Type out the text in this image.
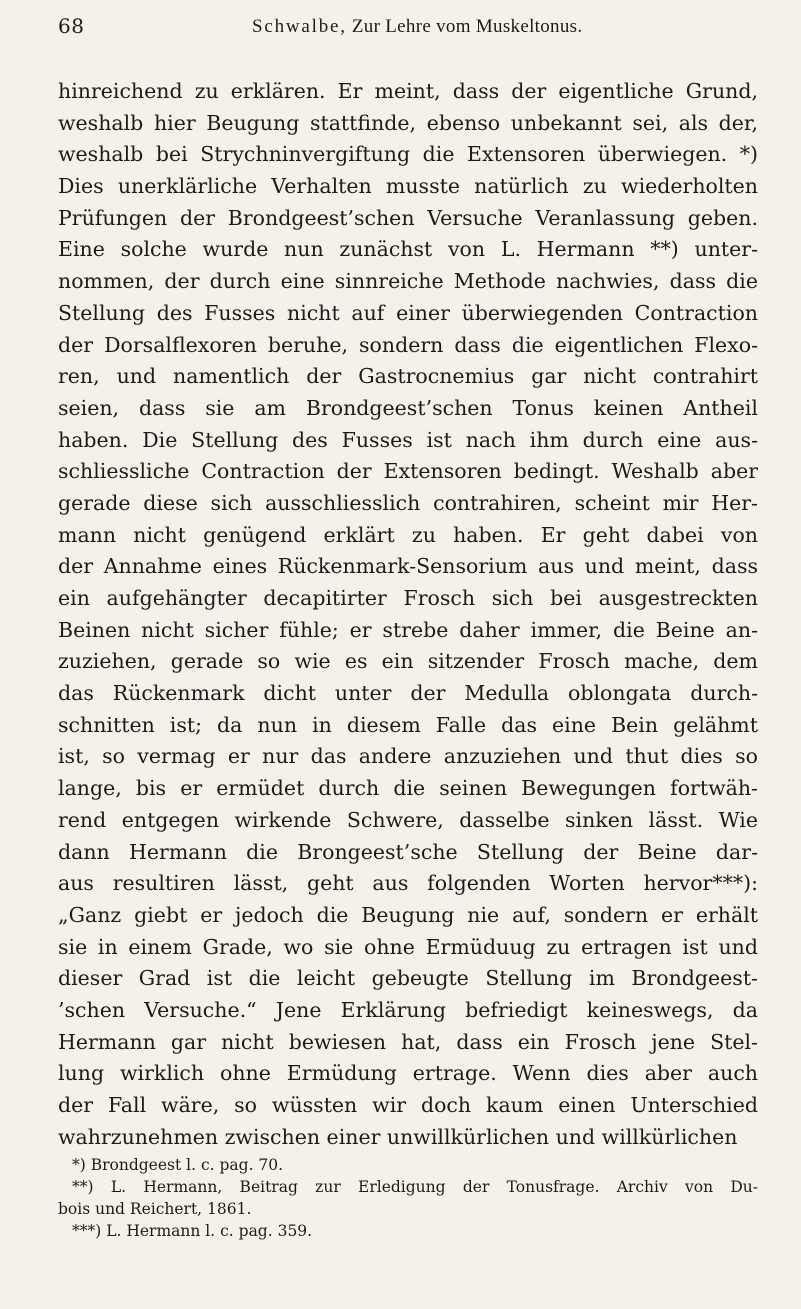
68	Schwalbe, Zur Lehre vom Muskeltonus.
hinreichend zu erklären. Er meint, dass der eigentliche Grund,
weshalb hier Beugung stattfinde, ebenso unbekannt sei, als der,
weshalb bei Strychninvergiftung die Extensoren überwiegen. *)
Dies unerklärliche Verhalten musste natürlich zu wiederholten
Prüfungen der Brondgeest’schen Versuche Veranlassung geben.
Eine solche wurde nun zunächst von L. Hermann **) unter-
nommen, der durch eine sinnreiche Methode nachwies, dass die
Stellung des Fusses nicht auf einer überwiegenden Contraction
der Dorsalflexoren beruhe, sondern dass die eigentlichen Flexo-
ren, und namentlich der Gastrocnemius gar nicht contrahirt
seien, dass sie am Brondgeest’schen Tonus keinen Antheil
haben. Die Stellung des Fusses ist nach ihm durch eine aus-
schliessliche Contraction der Extensoren bedingt. Weshalb aber
gerade diese sich ausschliesslich contrahiren, scheint mir Her-
mann nicht genügend erklärt zu haben. Er geht dabei von
der Annahme eines Rückenmark-Sensorium aus und meint, dass
ein aufgehängter decapitirter Frosch sich bei ausgestreckten
Beinen nicht sicher fühle; er strebe daher immer, die Beine an-
zuziehen, gerade so wie es ein sitzender Frosch mache, dem
das Rückenmark dicht unter der Medulla oblongata durch-
schnitten ist; da nun in diesem Falle das eine Bein gelähmt
ist, so vermag er nur das andere anzuziehen und thut dies so
lange, bis er ermüdet durch die seinen Bewegungen fortwäh-
rend entgegen wirkende Schwere, dasselbe sinken lässt. Wie
dann Hermann die Brongeest’sche Stellung der Beine dar-
aus resultiren lässt, geht aus folgenden Worten hervor***):
„Ganz giebt er jedoch die Beugung nie auf, sondern er erhält
sie in einem Grade, wo sie ohne Ermüduug zu ertragen ist und
dieser Grad ist die leicht gebeugte Stellung im Brondgeest-
’schen Versuche.“ Jene Erklärung befriedigt keineswegs, da
Hermann gar nicht bewiesen hat, dass ein Frosch jene Stel-
lung wirklich ohne Ermüdung ertrage. Wenn dies aber auch
der Fall wäre, so wüssten wir doch kaum einen Unterschied
wahrzunehmen zwischen einer unwillkürlichen und willkürlichen
*) Brondgeest l. c. pag. 70.
**) L. Hermann, Beitrag zur Erledigung der Tonusfrage. Archiv von Du-
bois und Reichert, 1861.
***) L. Hermann l. c. pag. 359.
